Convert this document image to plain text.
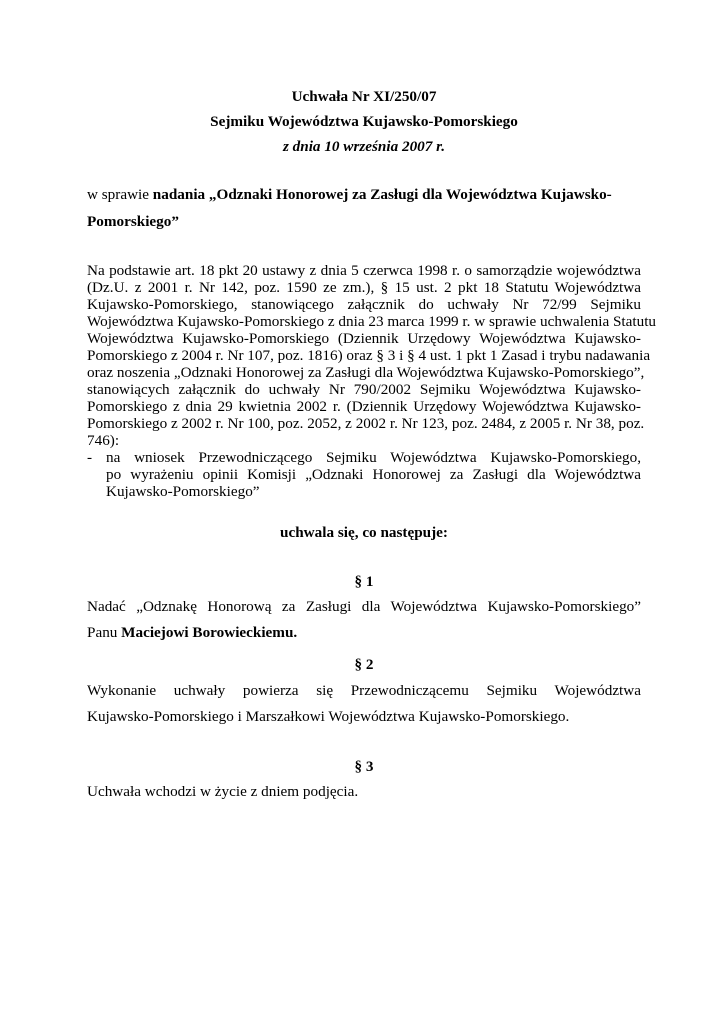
Uchwała Nr XI/250/07
Sejmiku Województwa Kujawsko-Pomorskiego
z dnia 10 września 2007 r.
w sprawie nadania „Odznaki Honorowej za Zasługi dla Województwa Kujawsko-
Pomorskiego”
Na podstawie art. 18 pkt 20 ustawy z dnia 5 czerwca 1998 r. o samorządzie województwa
(Dz.U. z 2001 r. Nr 142, poz. 1590 ze zm.), § 15 ust. 2 pkt 18 Statutu Województwa
Kujawsko-Pomorskiego, stanowiącego załącznik do uchwały Nr 72/99 Sejmiku
Województwa Kujawsko-Pomorskiego z dnia 23 marca 1999 r. w sprawie uchwalenia Statutu
Województwa Kujawsko-Pomorskiego (Dziennik Urzędowy Województwa Kujawsko-
Pomorskiego z 2004 r. Nr 107, poz. 1816) oraz § 3 i § 4 ust. 1 pkt 1 Zasad i trybu nadawania
oraz noszenia „Odznaki Honorowej za Zasługi dla Województwa Kujawsko-Pomorskiego”,
stanowiących załącznik do uchwały Nr 790/2002 Sejmiku Województwa Kujawsko-
Pomorskiego z dnia 29 kwietnia 2002 r. (Dziennik Urzędowy Województwa Kujawsko-
Pomorskiego z 2002 r. Nr 100, poz. 2052, z 2002 r. Nr 123, poz. 2484, z 2005 r. Nr 38, poz.
746):
- na wniosek Przewodniczącego Sejmiku Województwa Kujawsko-Pomorskiego,
po wyrażeniu opinii Komisji „Odznaki Honorowej za Zasługi dla Województwa
Kujawsko-Pomorskiego”
uchwala się, co następuje:
§ 1
Nadać „Odznakę Honorową za Zasługi dla Województwa Kujawsko-Pomorskiego”
Panu Maciejowi Borowieckiemu.
§ 2
Wykonanie uchwały powierza się Przewodniczącemu Sejmiku Województwa
Kujawsko-Pomorskiego i Marszałkowi Województwa Kujawsko-Pomorskiego.
§ 3
Uchwała wchodzi w życie z dniem podjęcia.
